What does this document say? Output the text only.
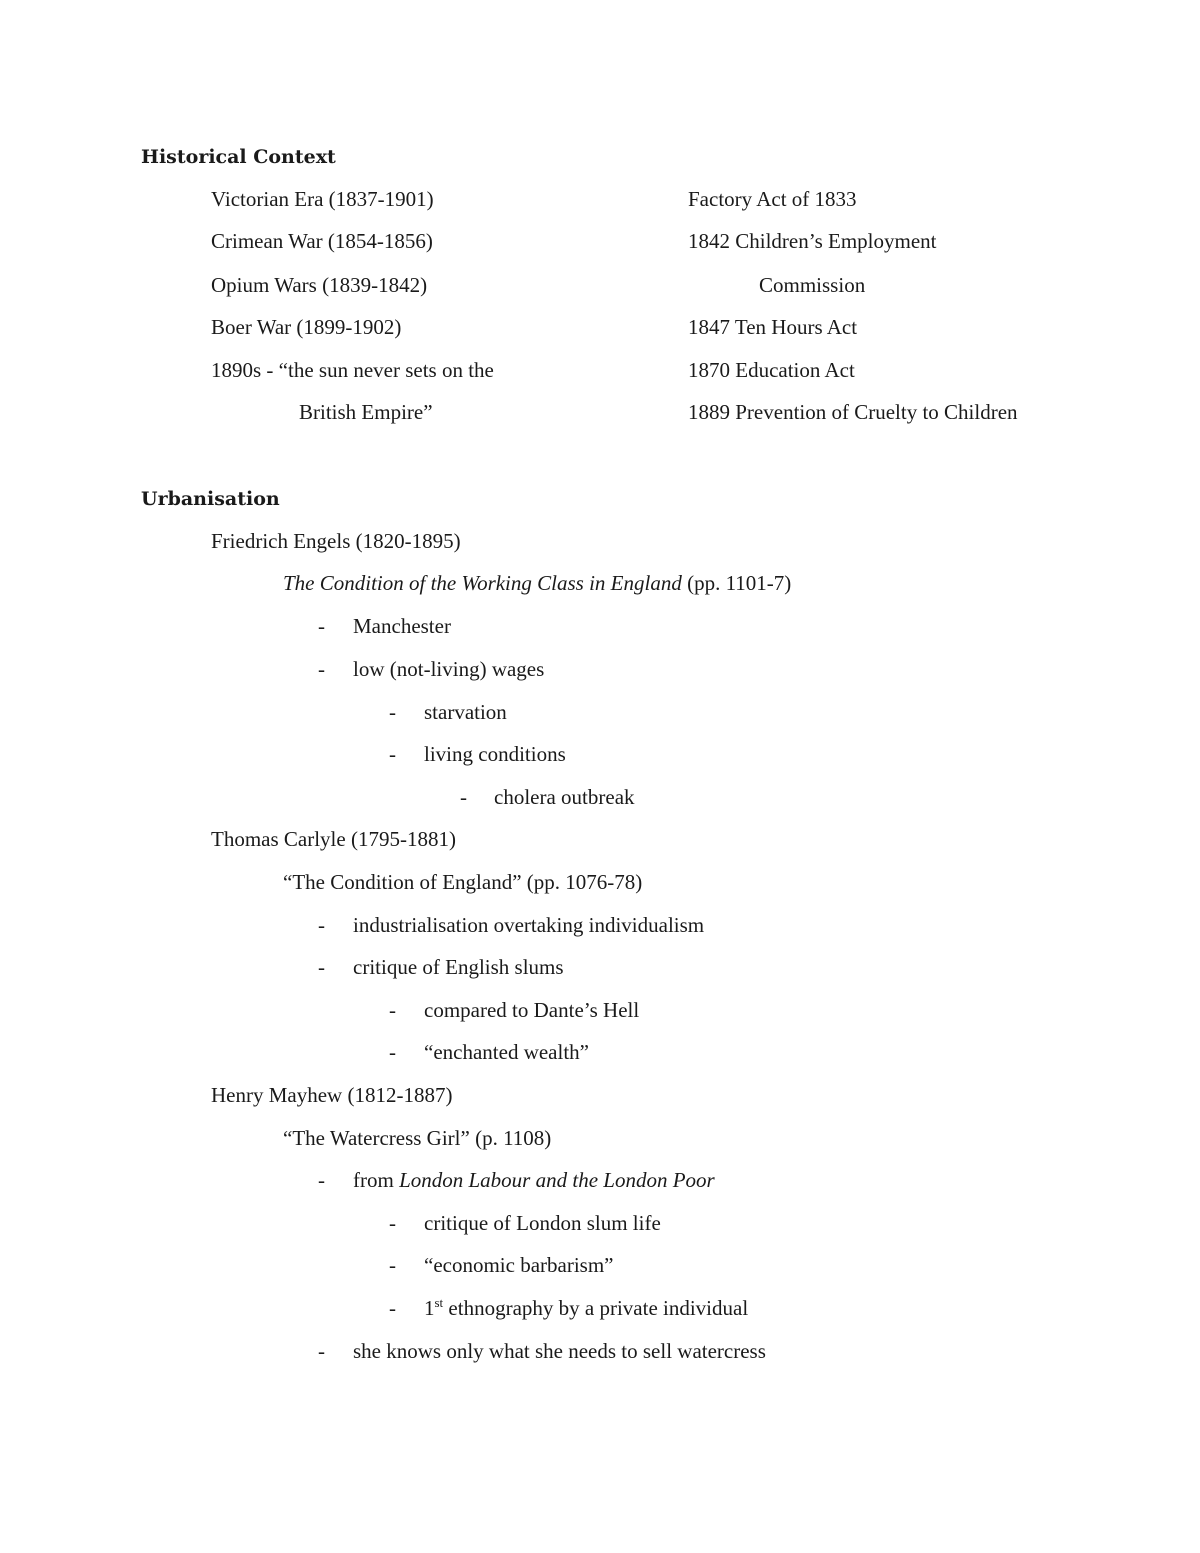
Historical Context
Victorian Era (1837-1901)
Crimean War (1854-1856)
Opium Wars (1839-1842)
Boer War (1899-1902)
1890s - “the sun never sets on the
British Empire”
Factory Act of 1833
1842 Children’s Employment
Commission
1847 Ten Hours Act
1870 Education Act
1889 Prevention of Cruelty to Children
Urbanisation
Friedrich Engels (1820-1895)
The Condition of the Working Class in England (pp. 1101-7)
- Manchester
- low (not-living) wages
- starvation
- living conditions
- cholera outbreak
Thomas Carlyle (1795-1881)
“The Condition of England” (pp. 1076-78)
- industrialisation overtaking individualism
- critique of English slums
- compared to Dante’s Hell
- “enchanted wealth”
Henry Mayhew (1812-1887)
“The Watercress Girl” (p. 1108)
- from London Labour and the London Poor
- critique of London slum life
- “economic barbarism”
- 1st ethnography by a private individual
- she knows only what she needs to sell watercress
